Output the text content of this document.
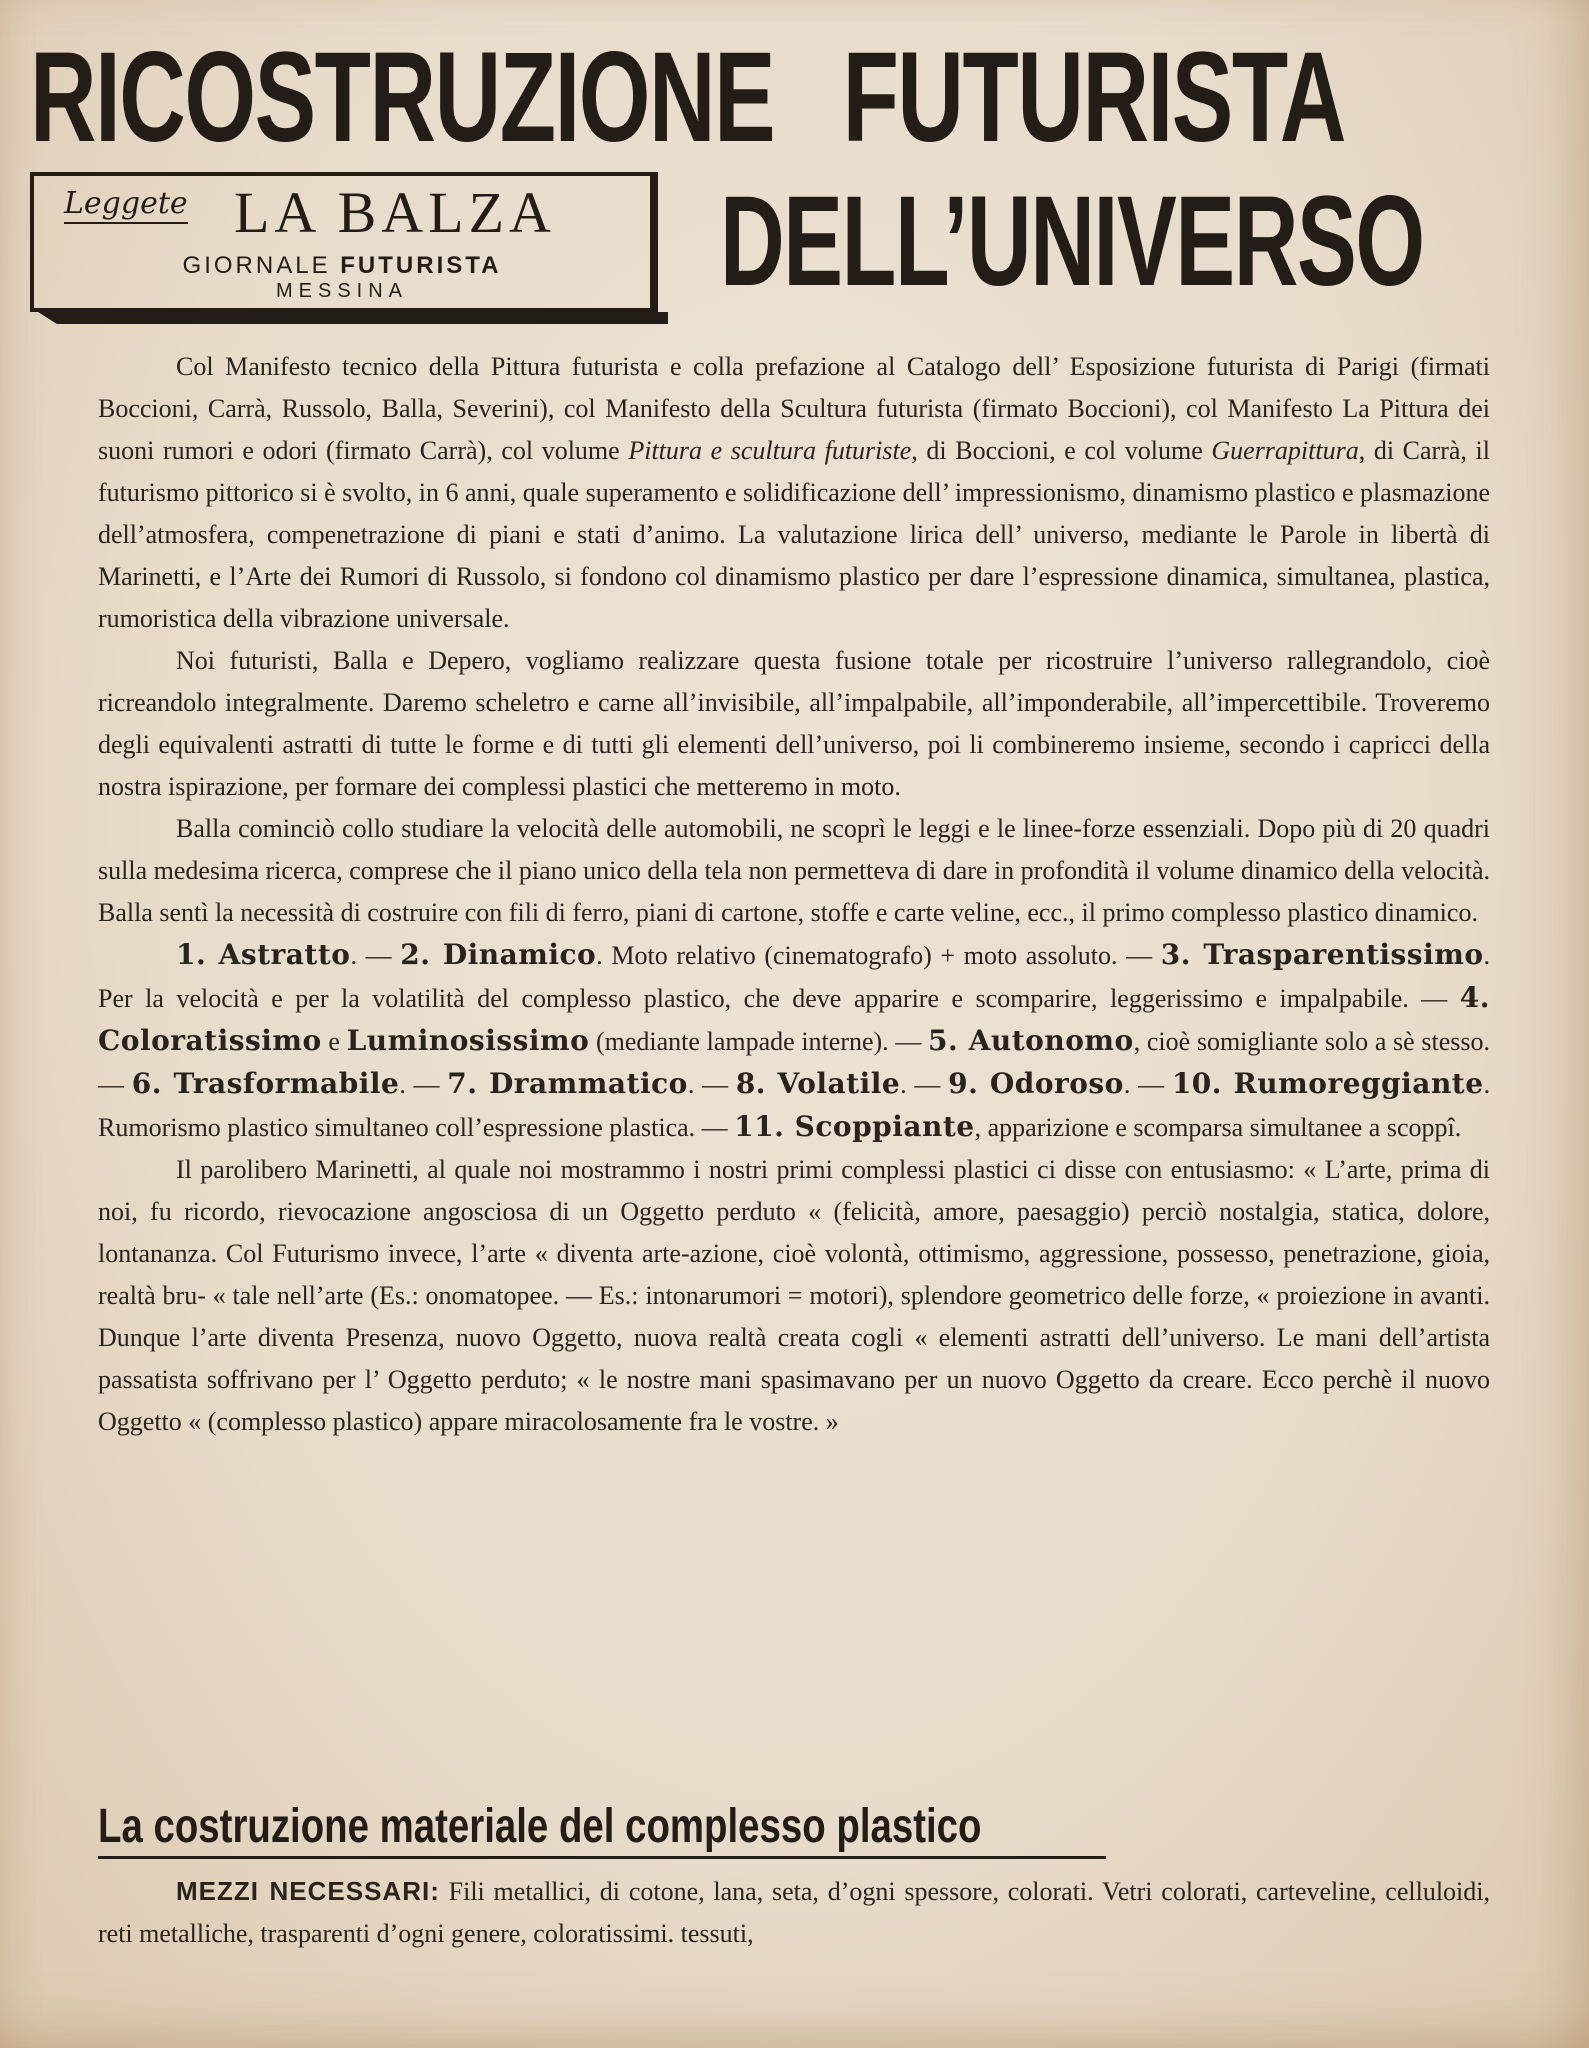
RICOSTRUZIONE FUTURISTA
DELL’UNIVERSO
Leggete LA BALZA
GIORNALE FUTURISTA
MESSINA

Col Manifesto tecnico della Pittura futurista e colla prefazione al Catalogo dell’ Esposizione futurista di Parigi (firmati Boccioni, Carrà, Russolo, Balla, Severini), col Manifesto della Scultura futurista (firmato Boccioni), col Manifesto La Pittura dei suoni rumori e odori (firmato Carrà), col volume Pittura e scultura futuriste, di Boccioni, e col volume Guerrapittura, di Carrà, il futurismo pittorico si è svolto, in 6 anni, quale superamento e solidificazione dell’ impressionismo, dinamismo plastico e plasmazione dell’atmosfera, compenetrazione di piani e stati d’animo. La valutazione lirica dell’ universo, mediante le Parole in libertà di Marinetti, e l’Arte dei Rumori di Russolo, si fondono col dinamismo plastico per dare l’espressione dinamica, simultanea, plastica, rumoristica della vibrazione universale.

Noi futuristi, Balla e Depero, vogliamo realizzare questa fusione totale per ricostruire l’universo rallegrandolo, cioè ricreandolo integralmente. Daremo scheletro e carne all’invisibile, all’impalpabile, all’imponderabile, all’impercettibile. Troveremo degli equivalenti astratti di tutte le forme e di tutti gli elementi dell’universo, poi li combineremo insieme, secondo i capricci della nostra ispirazione, per formare dei complessi plastici che metteremo in moto.

Balla cominciò collo studiare la velocità delle automobili, ne scoprì le leggi e le linee-forze essenziali. Dopo più di 20 quadri sulla medesima ricerca, comprese che il piano unico della tela non permetteva di dare in profondità il volume dinamico della velocità. Balla sentì la necessità di costruire con fili di ferro, piani di cartone, stoffe e carte veline, ecc., il primo complesso plastico dinamico.

1. Astratto. — 2. Dinamico. Moto relativo (cinematografo) + moto assoluto. — 3. Trasparentissimo. Per la velocità e per la volatilità del complesso plastico, che deve apparire e scomparire, leggerissimo e impalpabile. — 4. Coloratissimo e Luminosissimo (mediante lampade interne). — 5. Autonomo, cioè somigliante solo a sè stesso. — 6. Trasformabile. — 7. Drammatico. — 8. Volatile. — 9. Odoroso. — 10. Rumoreggiante. Rumorismo plastico simultaneo coll’espressione plastica. — 11. Scoppiante, apparizione e scomparsa simultanee a scoppî.

Il parolibero Marinetti, al quale noi mostrammo i nostri primi complessi plastici ci disse con entusiasmo: « L’arte, prima di noi, fu ricordo, rievocazione angosciosa di un Oggetto perduto « (felicità, amore, paesaggio) perciò nostalgia, statica, dolore, lontananza. Col Futurismo invece, l’arte « diventa arte-azione, cioè volontà, ottimismo, aggressione, possesso, penetrazione, gioia, realtà bru- « tale nell’arte (Es.: onomatopee. — Es.: intonarumori = motori), splendore geometrico delle forze, « proiezione in avanti. Dunque l’arte diventa Presenza, nuovo Oggetto, nuova realtà creata cogli « elementi astratti dell’universo. Le mani dell’artista passatista soffrivano per l’ Oggetto perduto; « le nostre mani spasimavano per un nuovo Oggetto da creare. Ecco perchè il nuovo Oggetto « (complesso plastico) appare miracolosamente fra le vostre. »

La costruzione materiale del complesso plastico

MEZZI NECESSARI: Fili metallici, di cotone, lana, seta, d’ogni spessore, colorati. Vetri colorati, carteveline, celluloidi, reti metalliche, trasparenti d’ogni genere, coloratissimi. tessuti,
